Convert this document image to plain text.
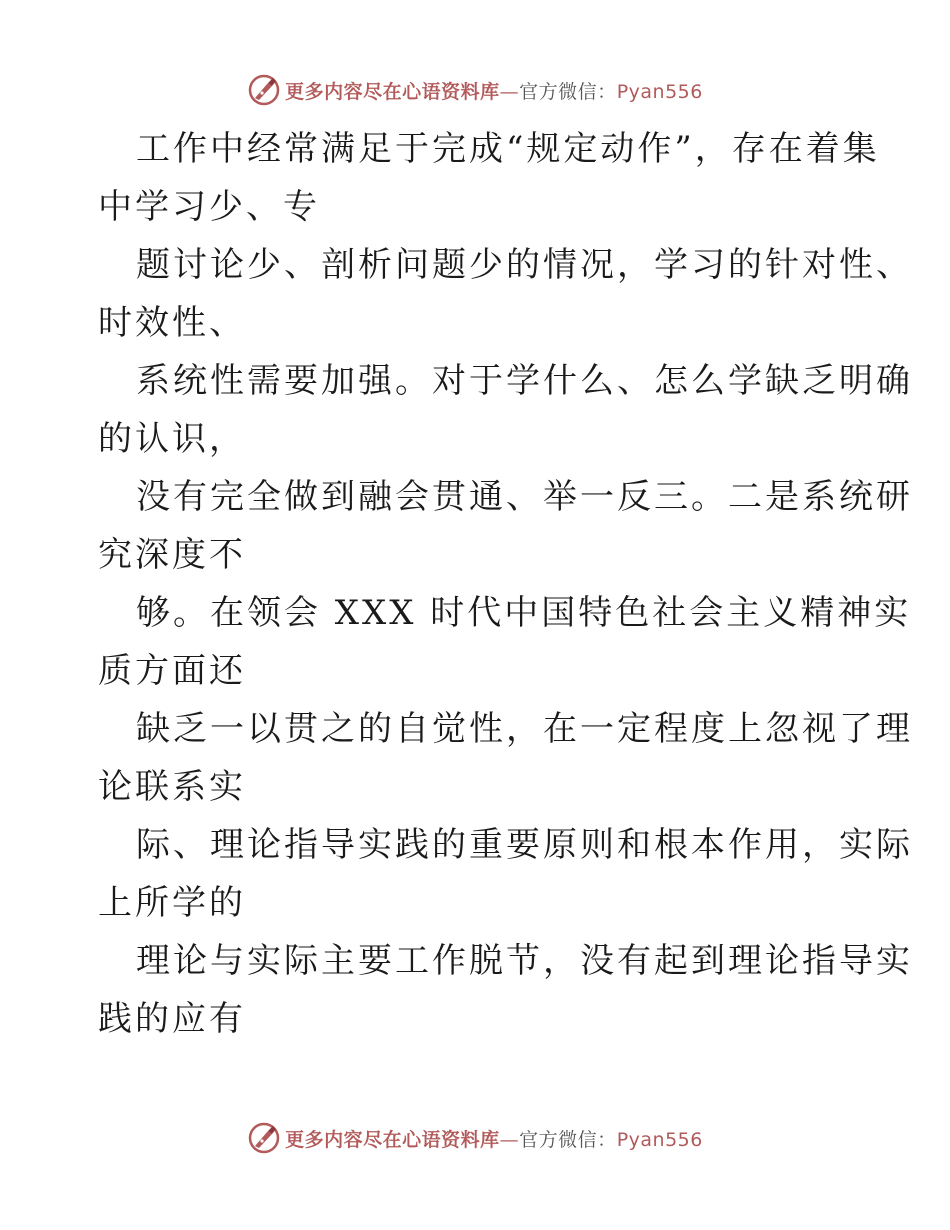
更多内容尽在心语资料库—官方微信：Pyan556
工作中经常满足于完成“规定动作”，存在着集
中学习少、专
题讨论少、剖析问题少的情况，学习的针对性、
时效性、
系统性需要加强。对于学什么、怎么学缺乏明确
的认识，
没有完全做到融会贯通、举一反三。二是系统研
究深度不
够。在领会 XXX 时代中国特色社会主义精神实
质方面还
缺乏一以贯之的自觉性，在一定程度上忽视了理
论联系实
际、理论指导实践的重要原则和根本作用，实际
上所学的
理论与实际主要工作脱节，没有起到理论指导实
践的应有
更多内容尽在心语资料库—官方微信：Pyan556
